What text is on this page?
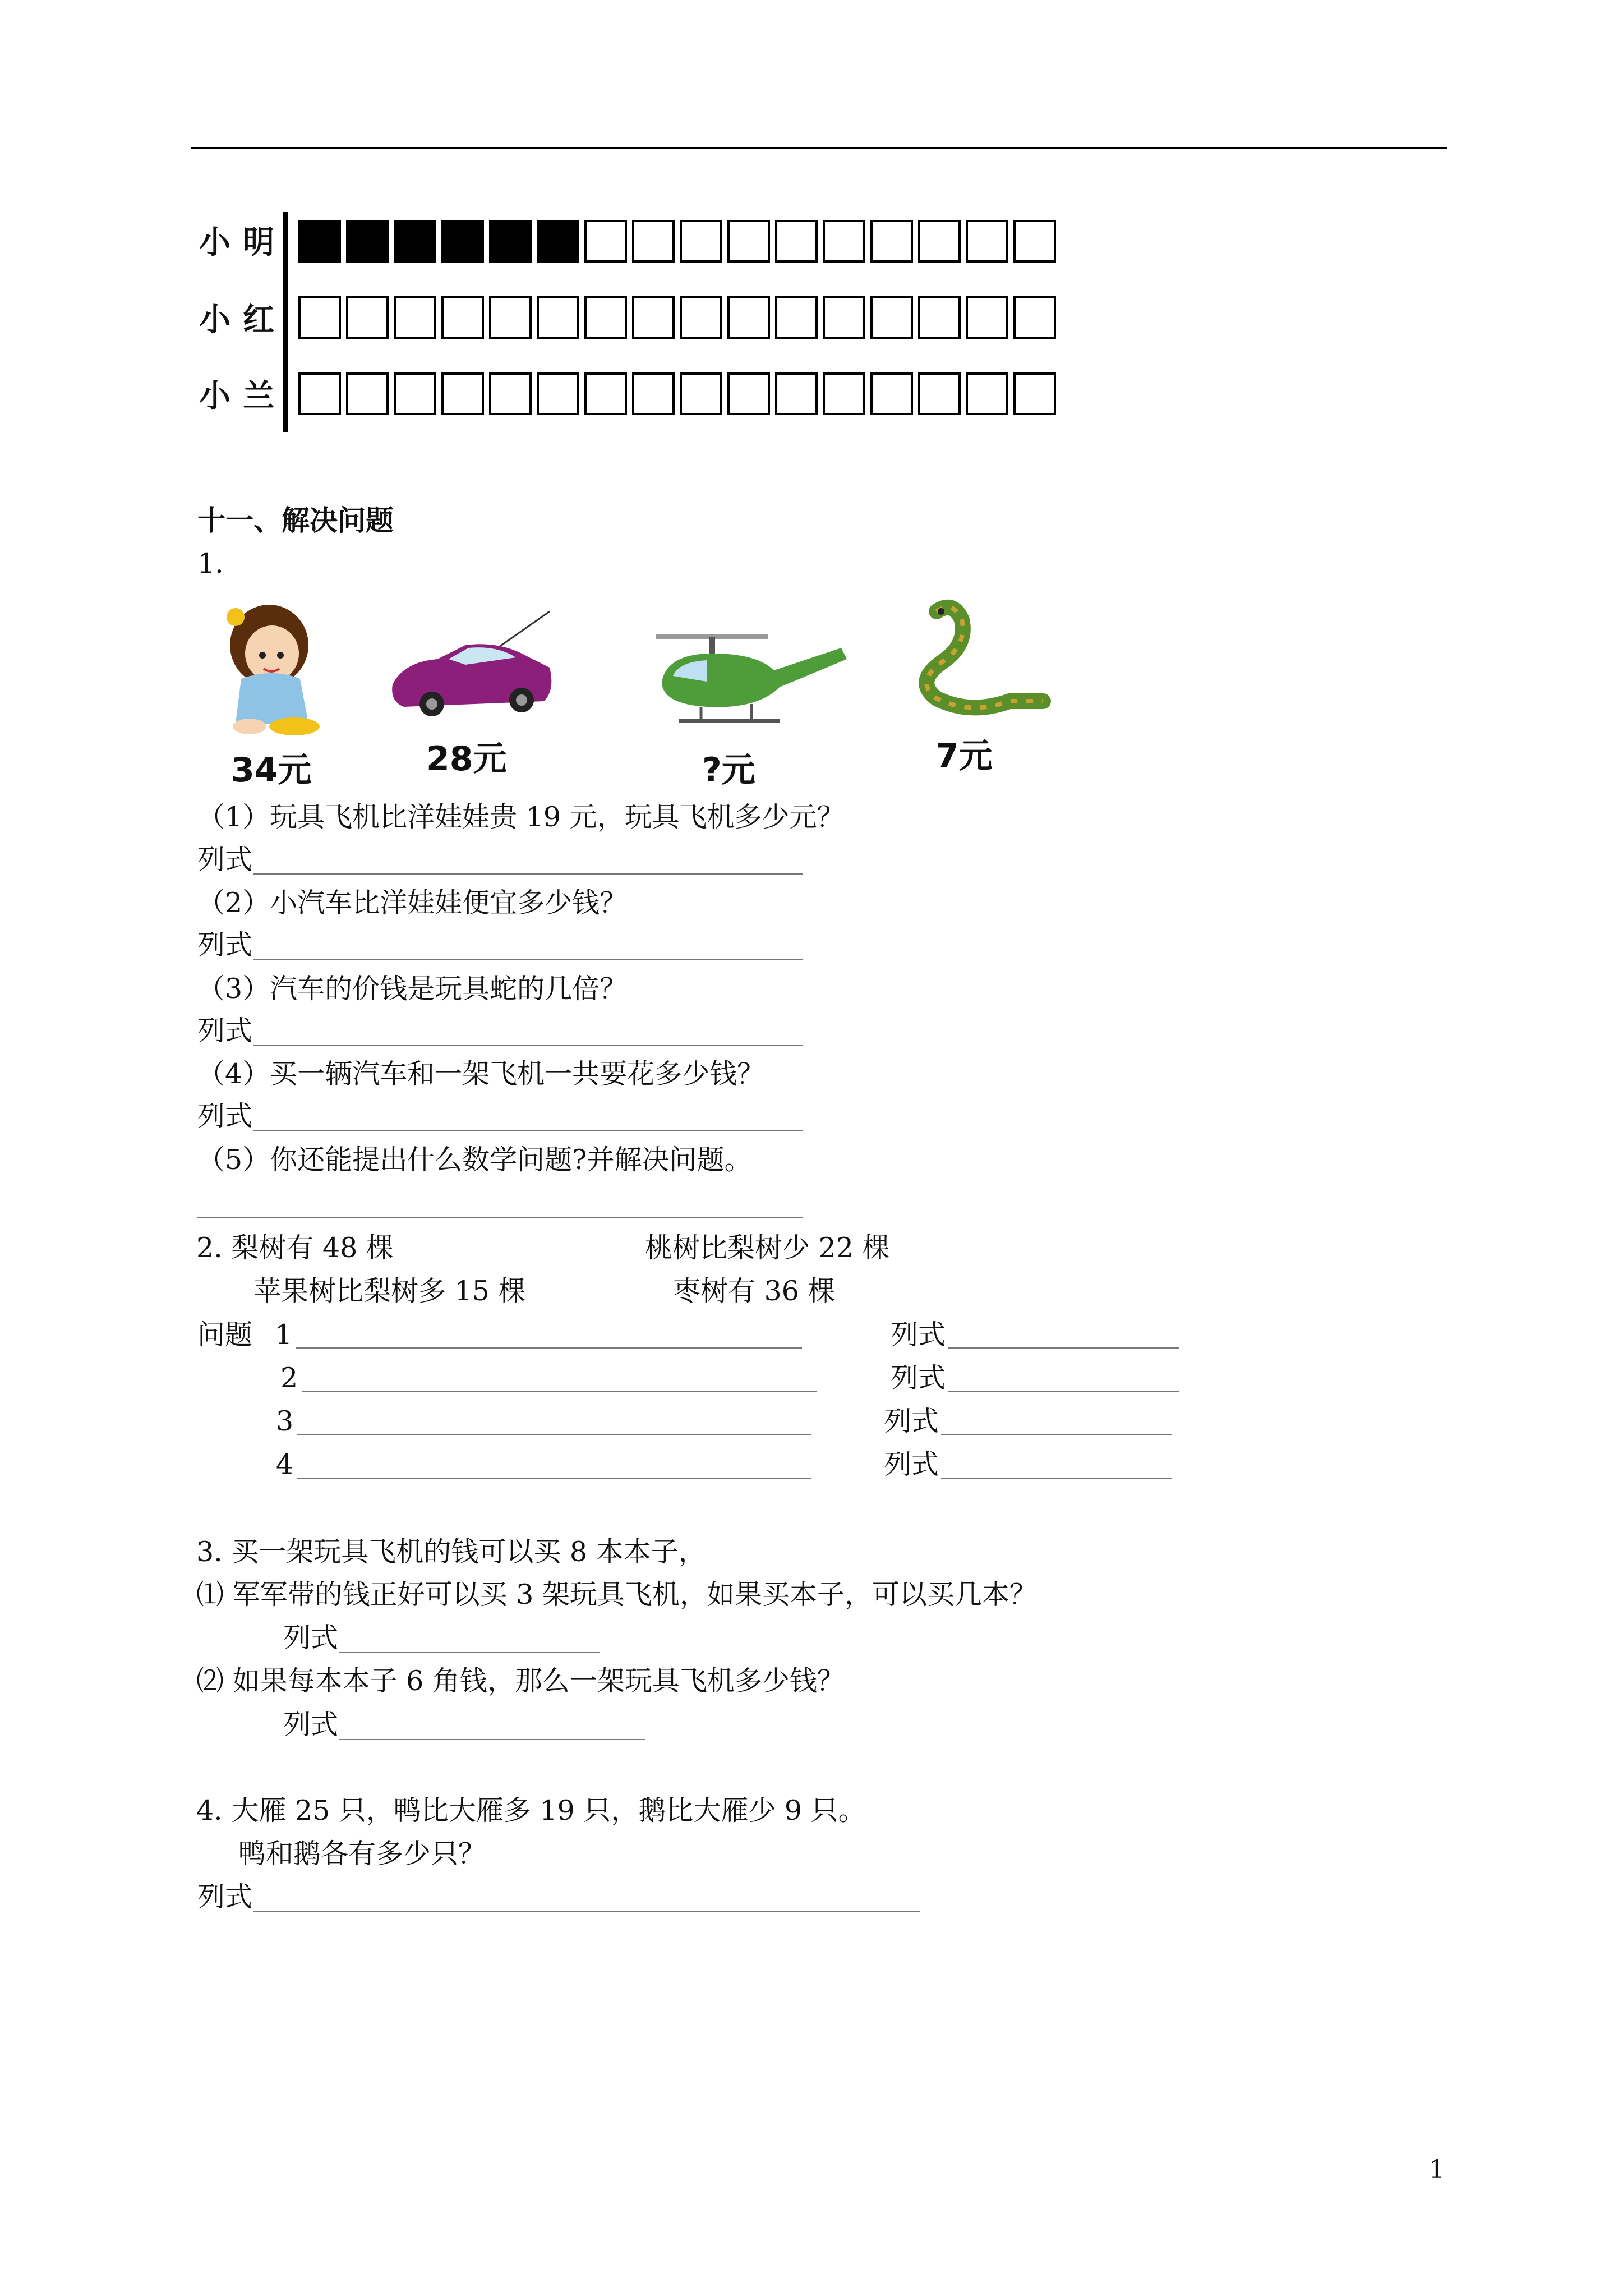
小明
小红
小兰
十一、解决问题
1.
34元	28元	?元	7元
（1）玩具飞机比洋娃娃贵 19 元，玩具飞机多少元？
列式
（2）小汽车比洋娃娃便宜多少钱？
列式
（3）汽车的价钱是玩具蛇的几倍？
列式
（4）买一辆汽车和一架飞机一共要花多少钱？
列式
（5）你还能提出什么数学问题?并解决问题。
2. 梨树有 48 棵	桃树比梨树少 22 棵
苹果树比梨树多 15 棵	枣树有 36 棵
问题 1	列式
2	列式
3	列式
4	列式
3. 买一架玩具飞机的钱可以买 8 本本子，
⑴ 军军带的钱正好可以买 3 架玩具飞机，如果买本子，可以买几本？
列式
⑵ 如果每本本子 6 角钱，那么一架玩具飞机多少钱？
列式
4. 大雁 25 只，鸭比大雁多 19 只，鹅比大雁少 9 只。
鸭和鹅各有多少只？
列式
1
